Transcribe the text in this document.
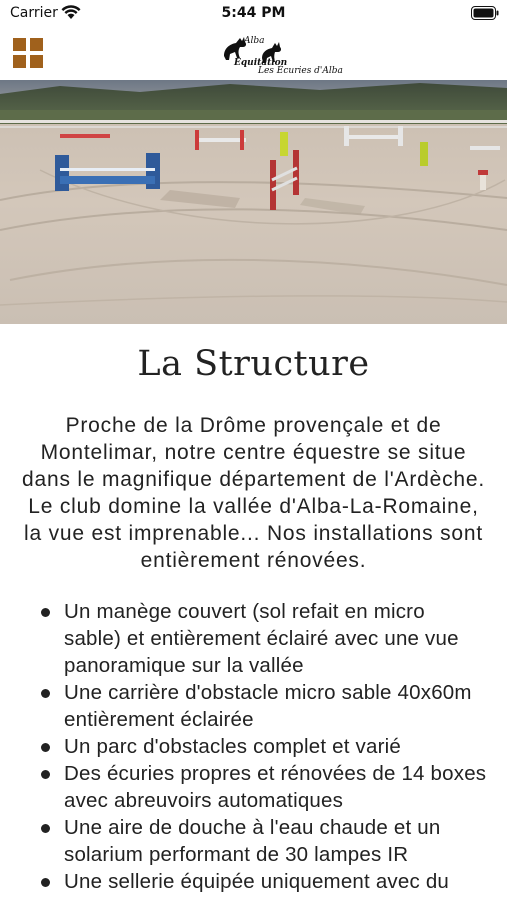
Carrier	5:44 PM
Alba
Equitation
Les Écuries d'Alba
La Structure

Proche de la Drôme provençale et de Montelimar, notre centre équestre se situe dans le magnifique département de l'Ardèche. Le club domine la vallée d'Alba-La-Romaine, la vue est imprenable... Nos installations sont entièrement rénovées.

Un manège couvert (sol refait en micro sable) et entièrement éclairé avec une vue panoramique sur la vallée
Une carrière d'obstacle micro sable 40x60m entièrement éclairée
Un parc d'obstacles complet et varié
Des écuries propres et rénovées de 14 boxes avec abreuvoirs automatiques
Une aire de douche à l'eau chaude et un solarium performant de 30 lampes IR
Une sellerie équipée uniquement avec du
